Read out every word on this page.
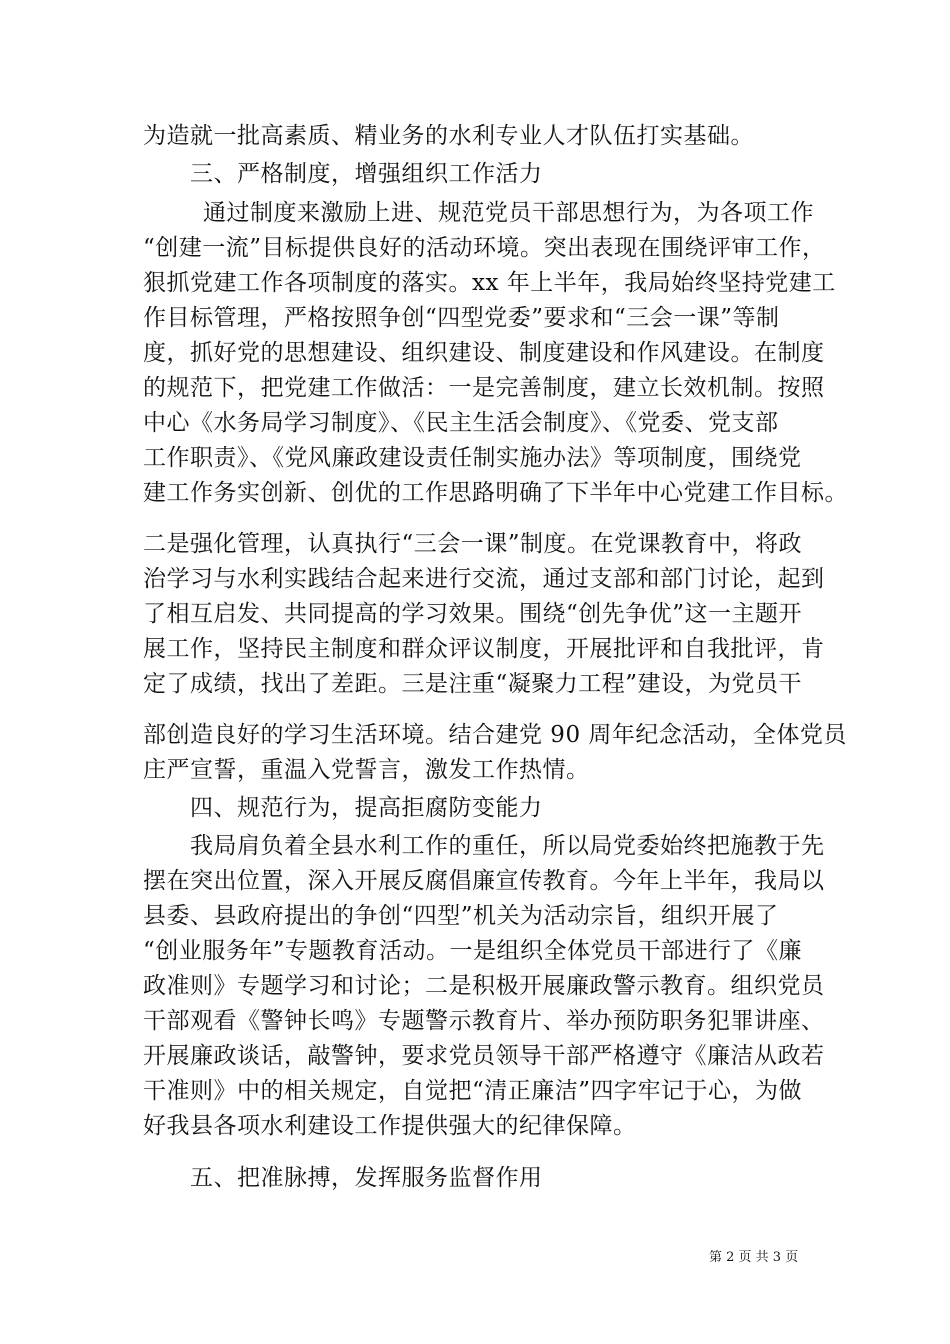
为造就一批高素质、精业务的水利专业人才队伍打实基础。
三、严格制度，增强组织工作活力
通过制度来激励上进、规范党员干部思想行为，为各项工作
“创建一流”目标提供良好的活动环境。突出表现在围绕评审工作，
狠抓党建工作各项制度的落实。xx 年上半年，我局始终坚持党建工
作目标管理，严格按照争创“四型党委”要求和“三会一课”等制
度，抓好党的思想建设、组织建设、制度建设和作风建设。在制度
的规范下，把党建工作做活：一是完善制度，建立长效机制。按照
中心《水务局学习制度》、《民主生活会制度》、《党委、党支部
工作职责》、《党风廉政建设责任制实施办法》等项制度，围绕党
建工作务实创新、创优的工作思路明确了下半年中心党建工作目标。
二是强化管理，认真执行“三会一课”制度。在党课教育中，将政
治学习与水利实践结合起来进行交流，通过支部和部门讨论，起到
了相互启发、共同提高的学习效果。围绕“创先争优”这一主题开
展工作，坚持民主制度和群众评议制度，开展批评和自我批评，肯
定了成绩，找出了差距。三是注重“凝聚力工程”建设，为党员干
部创造良好的学习生活环境。结合建党 90 周年纪念活动，全体党员
庄严宣誓，重温入党誓言，激发工作热情。
四、规范行为，提高拒腐防变能力
我局肩负着全县水利工作的重任，所以局党委始终把施教于先
摆在突出位置，深入开展反腐倡廉宣传教育。今年上半年，我局以
县委、县政府提出的争创“四型”机关为活动宗旨，组织开展了
“创业服务年”专题教育活动。一是组织全体党员干部进行了《廉
政准则》专题学习和讨论；二是积极开展廉政警示教育。组织党员
干部观看《警钟长鸣》专题警示教育片、举办预防职务犯罪讲座、
开展廉政谈话，敲警钟，要求党员领导干部严格遵守《廉洁从政若
干准则》中的相关规定，自觉把“清正廉洁”四字牢记于心，为做
好我县各项水利建设工作提供强大的纪律保障。
五、把准脉搏，发挥服务监督作用
第 2 页 共 3 页
